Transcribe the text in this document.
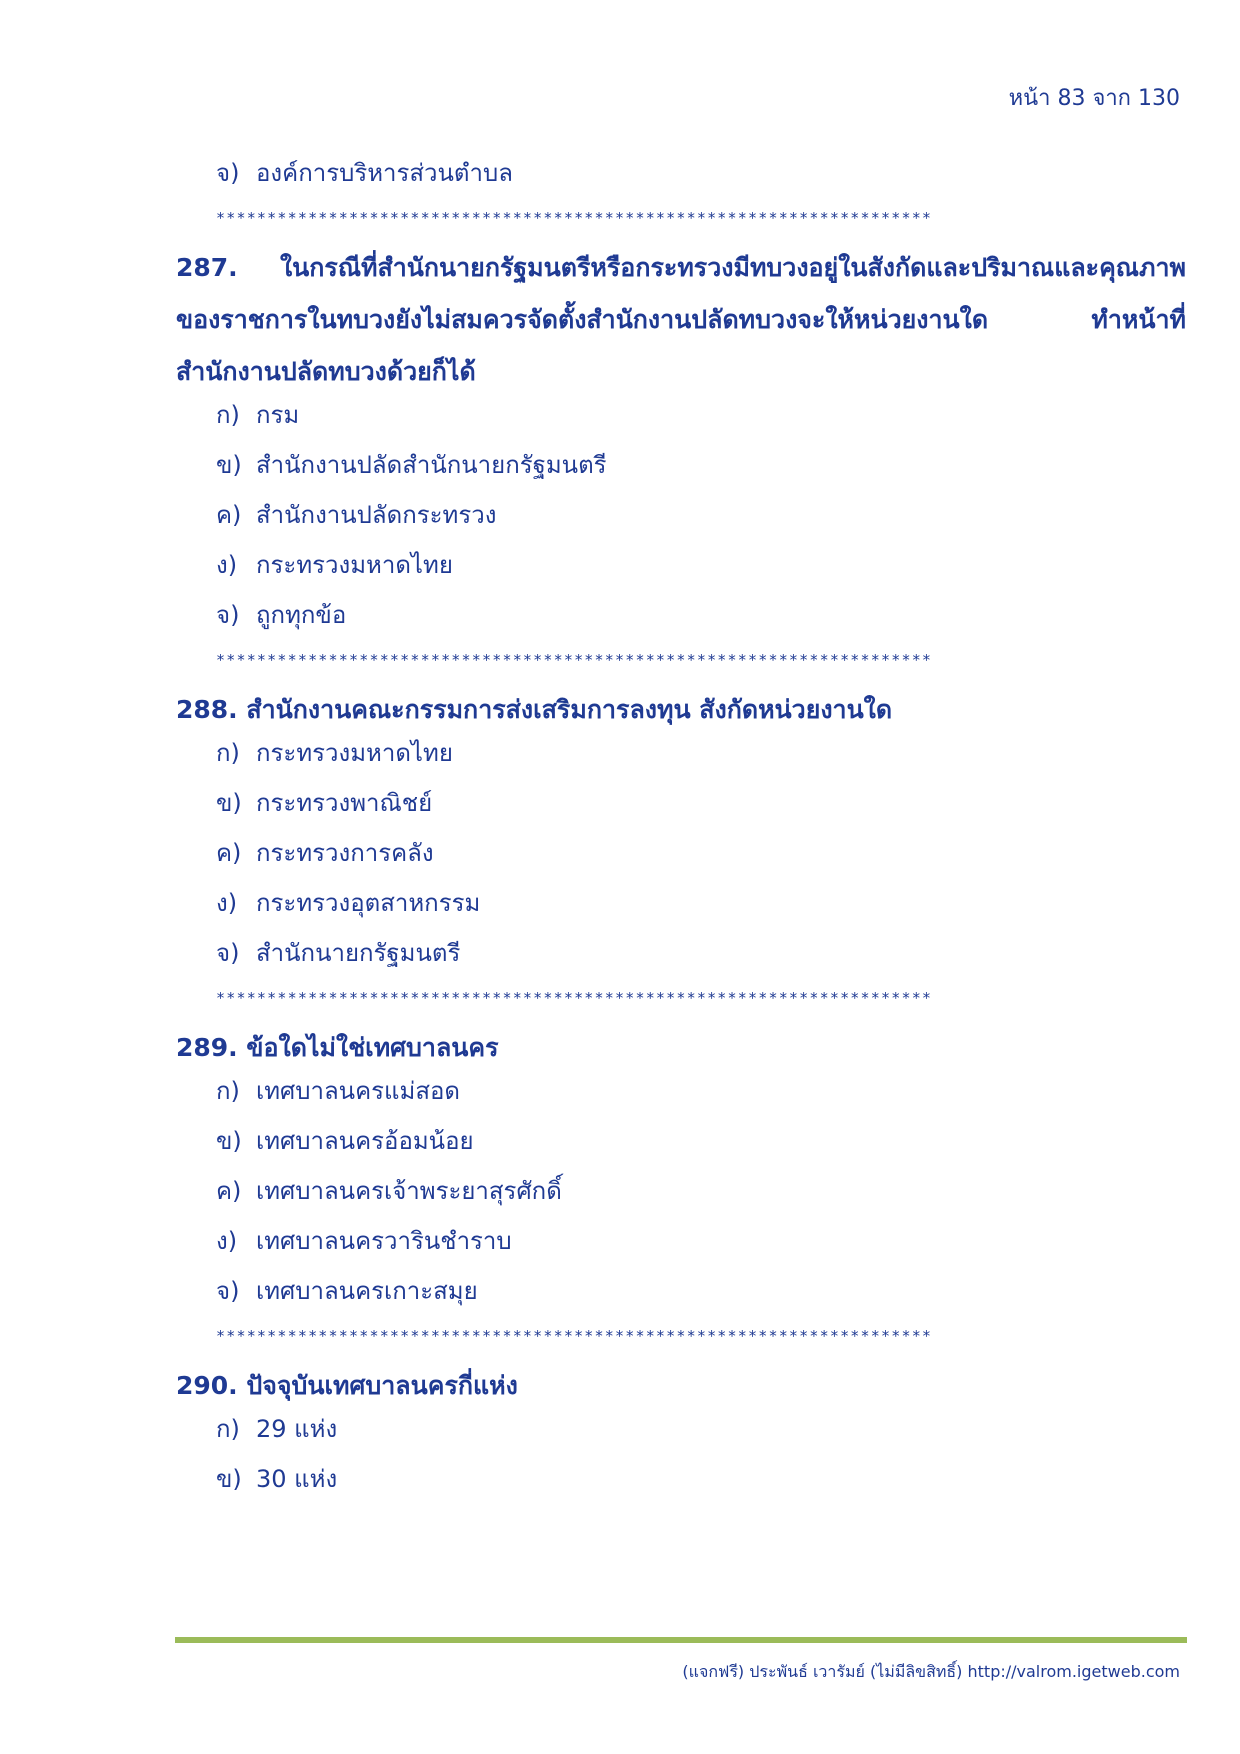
หน้า 83 จาก 130
จ) องค์การบริหารส่วนตำบล
**********************************************************************
287. ในกรณีที่สำนักนายกรัฐมนตรีหรือกระทรวงมีทบวงอยู่ในสังกัดและปริมาณและคุณภาพของราชการในทบวงยังไม่สมควรจัดตั้งสำนักงานปลัดทบวงจะให้หน่วยงานใด ทำหน้าที่สำนักงานปลัดทบวงด้วยก็ได้
ก) กรม
ข) สำนักงานปลัดสำนักนายกรัฐมนตรี
ค) สำนักงานปลัดกระทรวง
ง) กระทรวงมหาดไทย
จ) ถูกทุกข้อ
**********************************************************************
288. สำนักงานคณะกรรมการส่งเสริมการลงทุน สังกัดหน่วยงานใด
ก) กระทรวงมหาดไทย
ข) กระทรวงพาณิชย์
ค) กระทรวงการคลัง
ง) กระทรวงอุตสาหกรรม
จ) สำนักนายกรัฐมนตรี
**********************************************************************
289. ข้อใดไม่ใช่เทศบาลนคร
ก) เทศบาลนครแม่สอด
ข) เทศบาลนครอ้อมน้อย
ค) เทศบาลนครเจ้าพระยาสุรศักดิ์
ง) เทศบาลนครวารินชำราบ
จ) เทศบาลนครเกาะสมุย
**********************************************************************
290. ปัจจุบันเทศบาลนครกี่แห่ง
ก) 29 แห่ง
ข) 30 แห่ง
(แจกฟรี) ประพันธ์ เวารัมย์ (ไม่มีลิขสิทธิ์) http://valrom.igetweb.com
